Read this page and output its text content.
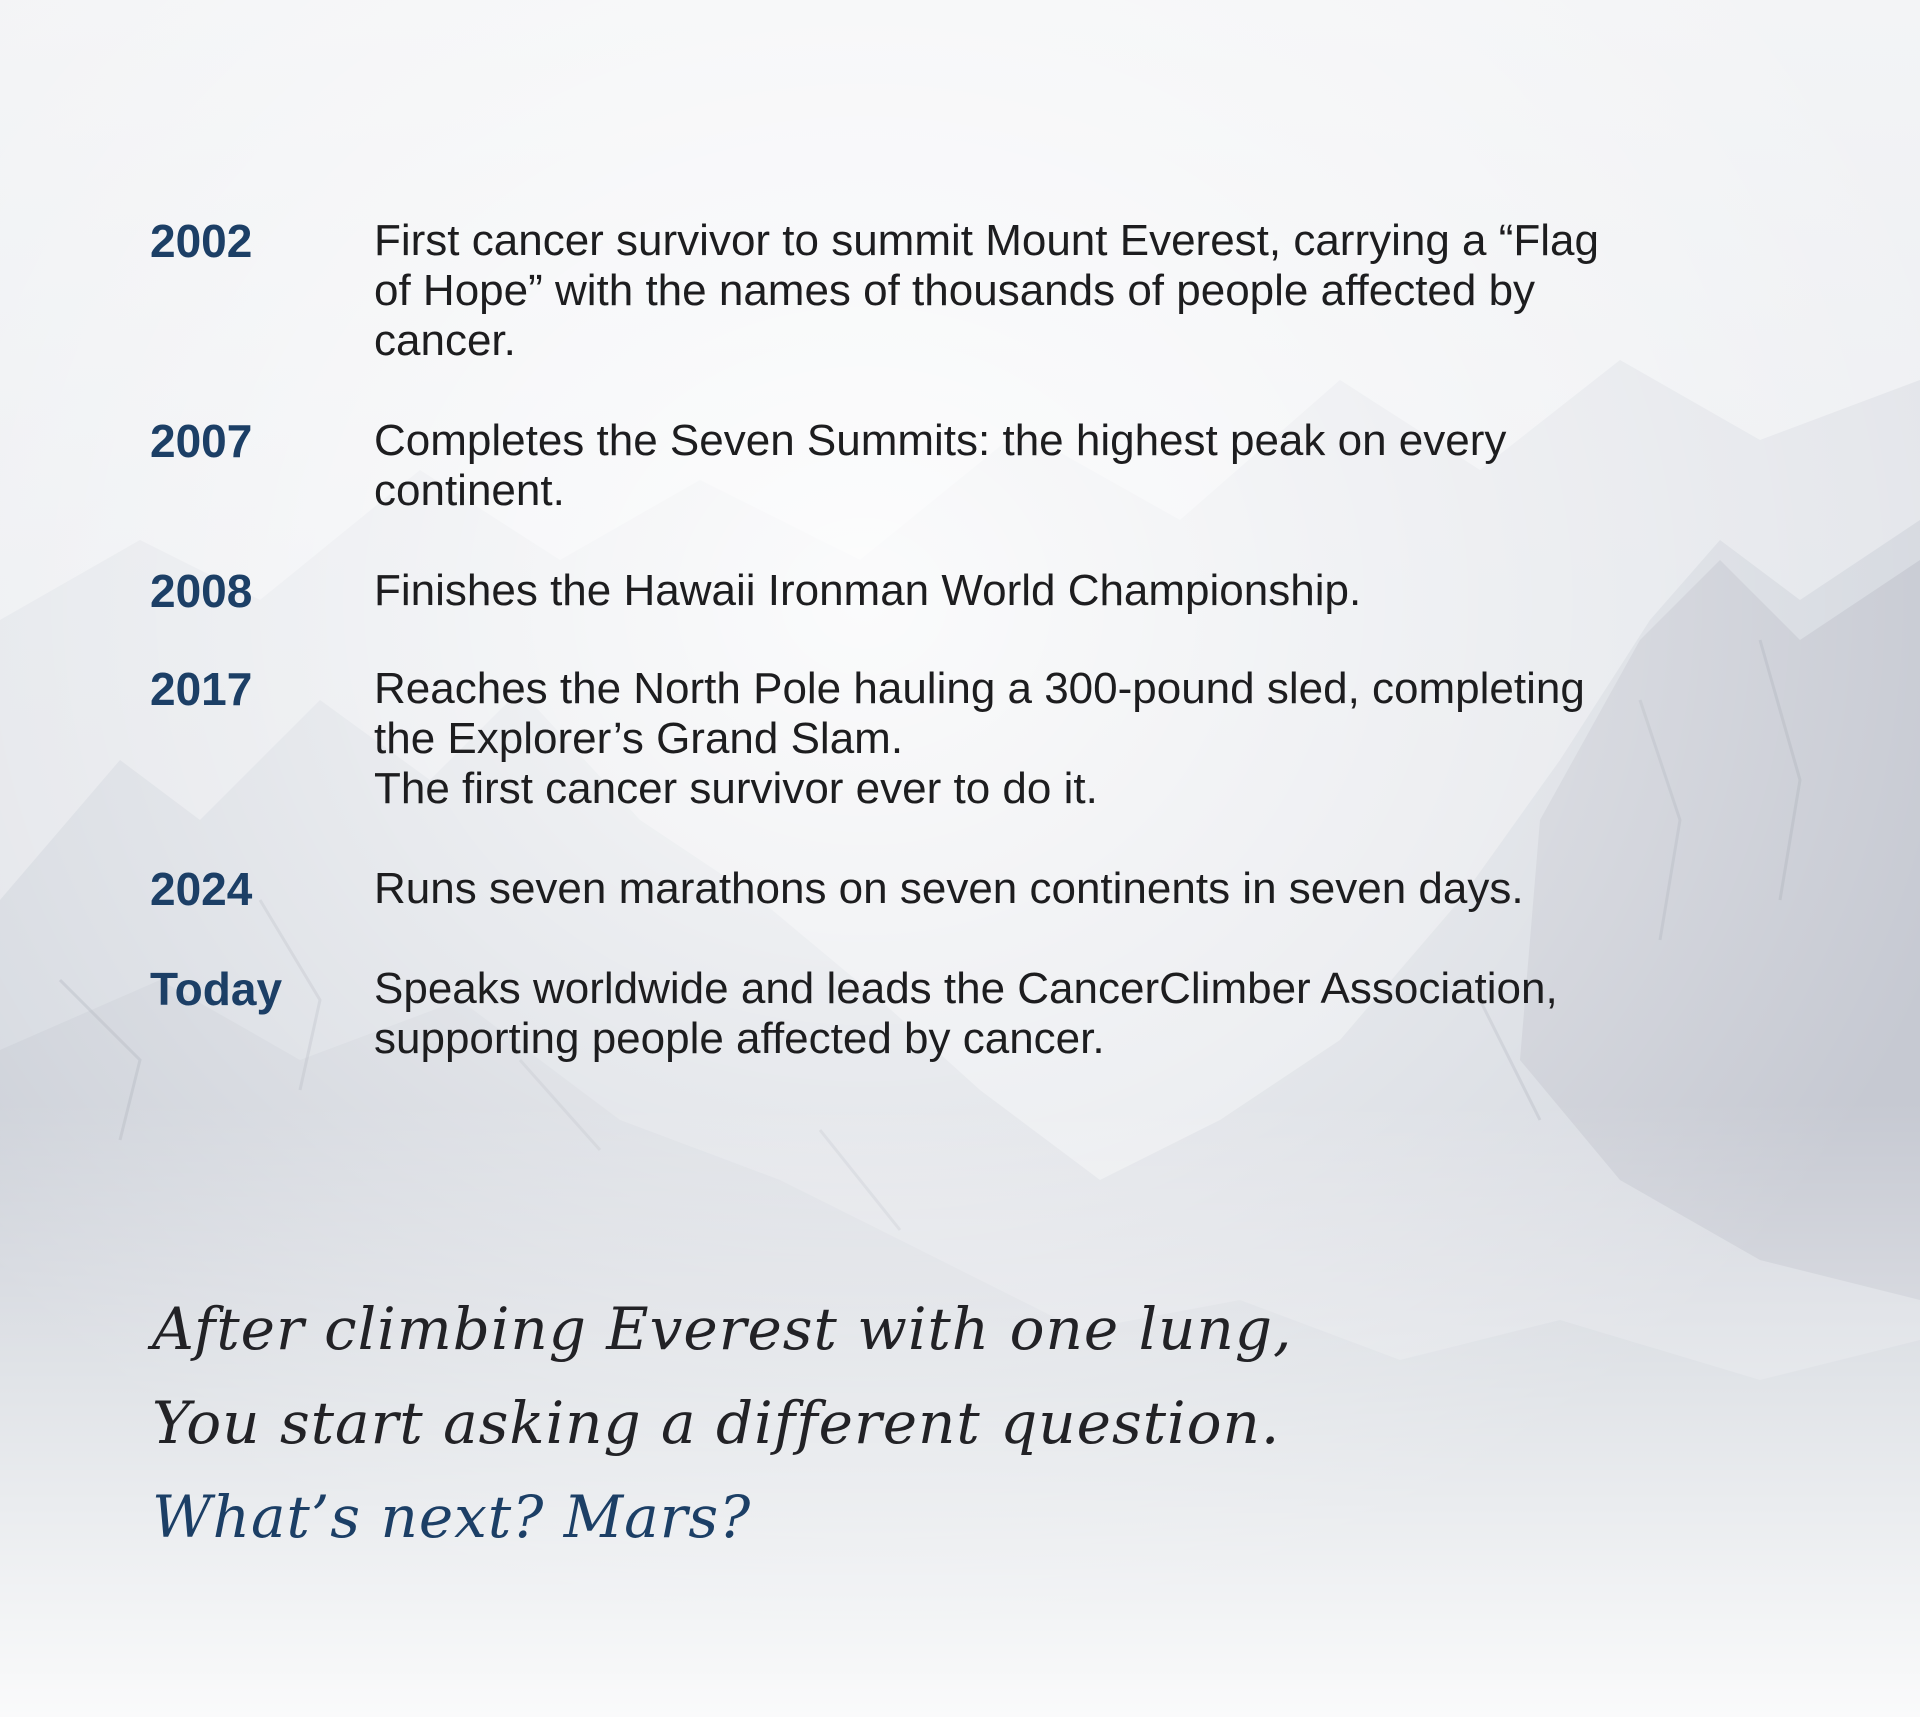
2002	First cancer survivor to summit Mount Everest, carrying a “Flag
of Hope” with the names of thousands of people affected by
cancer.
2007	Completes the Seven Summits: the highest peak on every
continent.
2008	Finishes the Hawaii Ironman World Championship.
2017	Reaches the North Pole hauling a 300-pound sled, completing
the Explorer’s Grand Slam.
The first cancer survivor ever to do it.
2024	Runs seven marathons on seven continents in seven days.
Today	Speaks worldwide and leads the CancerClimber Association,
supporting people affected by cancer.
After climbing Everest with one lung,
You start asking a different question.
What’s next? Mars?
